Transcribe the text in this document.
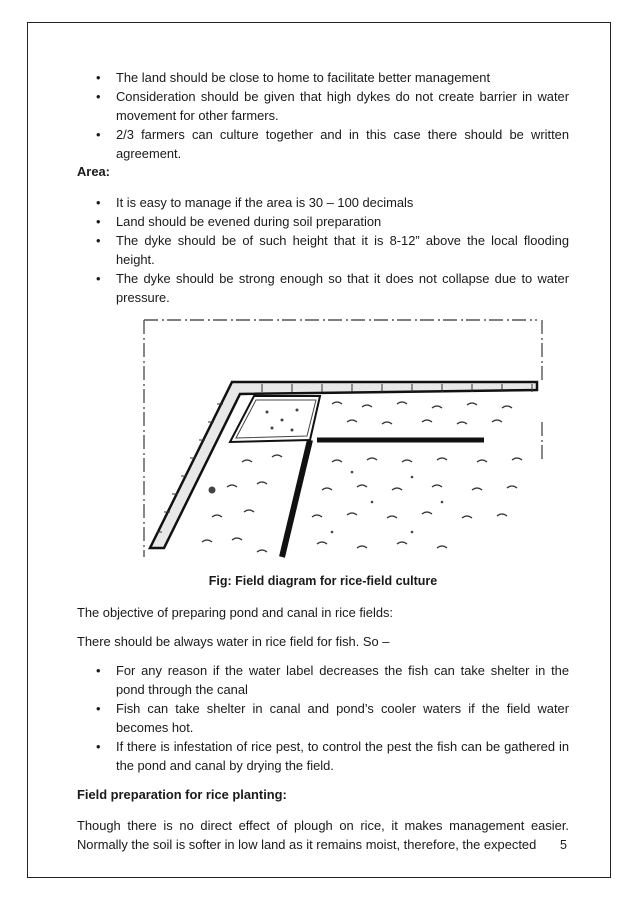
• The land should be close to home to facilitate better management
• Consideration should be given that high dykes do not create barrier in water movement for other farmers.
• 2/3 farmers can culture together and in this case there should be written agreement.
Area:
• It is easy to manage if the area is 30 – 100 decimals
• Land should be evened during soil preparation
• The dyke should be of such height that it is 8-12” above the local flooding height.
• The dyke should be strong enough so that it does not collapse due to water pressure.
Fig: Field diagram for rice-field culture

The objective of preparing pond and canal in rice fields:

There should be always water in rice field for fish. So –

• For any reason if the water label decreases the fish can take shelter in the pond through the canal
• Fish can take shelter in canal and pond’s cooler waters if the field water becomes hot.
• If there is infestation of rice pest, to control the pest the fish can be gathered in the pond and canal by drying the field.
Field preparation for rice planting:

Though there is no direct effect of plough on rice, it makes management easier. Normally the soil is softer in low land as it remains moist, therefore, the expected	5
